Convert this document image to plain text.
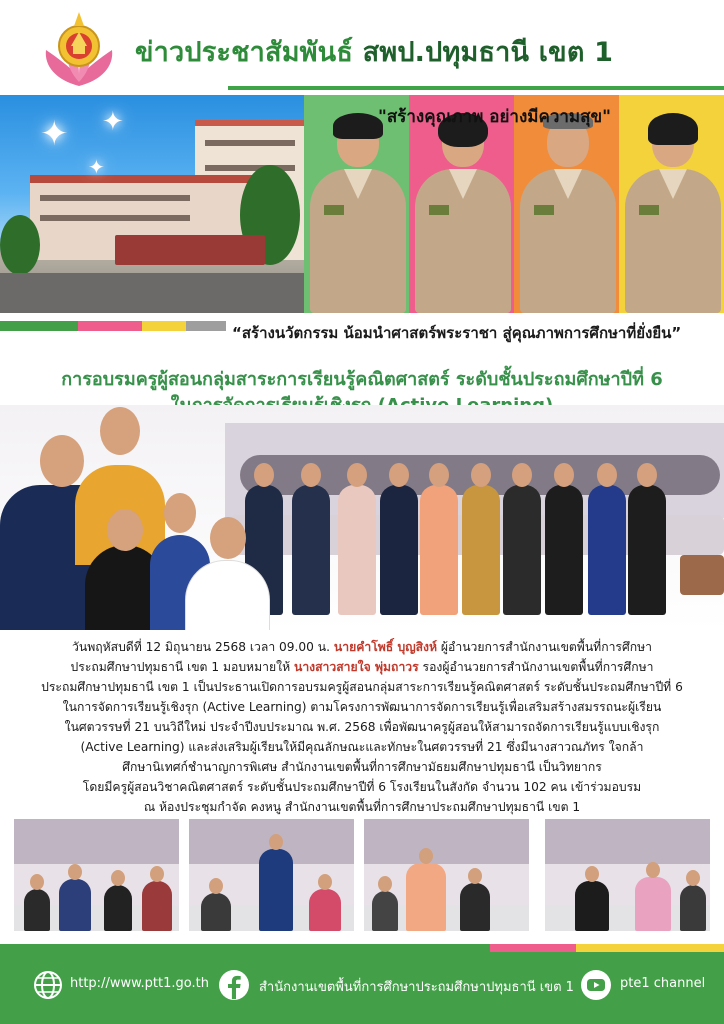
ข่าวประชาสัมพันธ์ สพป.ปทุมธานี เขต 1
✦ ✦
✦
"สร้างคุณภาพ อย่างมีความสุข"
“สร้างนวัตกรรม น้อมนำศาสตร์พระราชา สู่คุณภาพการศึกษาที่ยั่งยืน”
การอบรมครูผู้สอนกลุ่มสาระการเรียนรู้คณิตศาสตร์ ระดับชั้นประถมศึกษาปีที่ 6

วันพฤหัสบดีที่ 12 มิถุนายน 2568 เวลา 09.00 น. นายคำโพธิ์ บุญสิงห์ ผู้อำนวยการสำนักงานเขตพื้นที่การศึกษา

ประถมศึกษาปทุมธานี เขต 1 มอบหมายให้ นางสาวสายใจ พุ่มถาวร รองผู้อำนวยการสำนักงานเขตพื้นที่การศึกษา

ประถมศึกษาปทุมธานี เขต 1 เป็นประธานเปิดการอบรมครูผู้สอนกลุ่มสาระการเรียนรู้คณิตศาสตร์ ระดับชั้นประถมศึกษาปีที่ 6

ในการจัดการเรียนรู้เชิงรุก (Active Learning) ตามโครงการพัฒนาการจัดการเรียนรู้เพื่อเสริมสร้างสมรรถนะผู้เรียน

ในศตวรรษที่ 21 บนวิถีใหม่ ประจำปีงบประมาณ พ.ศ. 2568 เพื่อพัฒนาครูผู้สอนให้สามารถจัดการเรียนรู้แบบเชิงรุก

(Active Learning) และส่งเสริมผู้เรียนให้มีคุณลักษณะและทักษะในศตวรรษที่ 21 ซึ่งมีนางสาวณภัทร ใจกล้า

ศึกษานิเทศก์ชำนาญการพิเศษ สำนักงานเขตพื้นที่การศึกษามัธยมศึกษาปทุมธานี เป็นวิทยากร

โดยมีครูผู้สอนวิชาคณิตศาสตร์ ระดับชั้นประถมศึกษาปีที่ 6 โรงเรียนในสังกัด จำนวน 102 คน เข้าร่วมอบรม

ณ ห้องประชุมกำจัด คงหนู สำนักงานเขตพื้นที่การศึกษาประถมศึกษาปทุมธานี เขต 1

http://www.ptt1.go.th	สำนักงานเขตพื้นที่การศึกษาประถมศึกษาปทุมธานี เขต 1	pte1 channel
